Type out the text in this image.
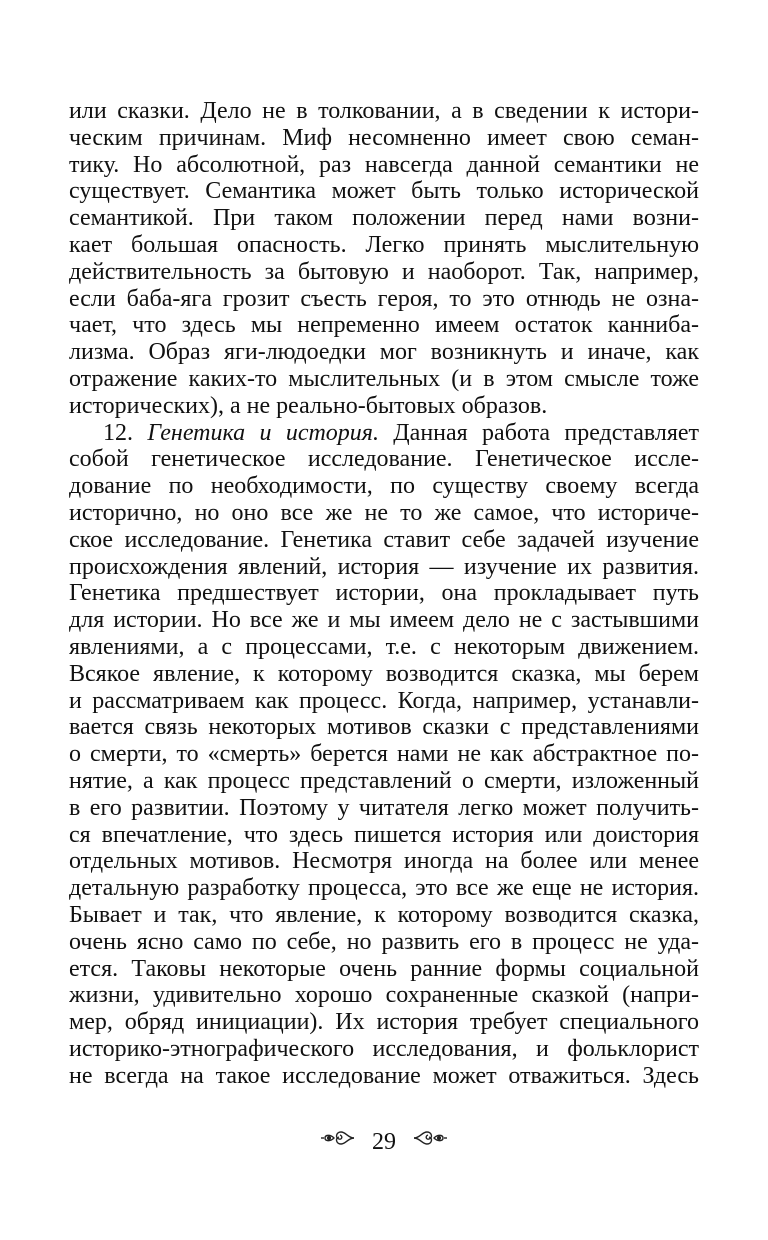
или сказки. Дело не в толковании, а в сведении к истори-
ческим причинам. Миф несомненно имеет свою семан-
тику. Но абсолютной, раз навсегда данной семантики не
существует. Семантика может быть только исторической
семантикой. При таком положении перед нами возни-
кает большая опасность. Легко принять мыслительную
действительность за бытовую и наоборот. Так, например,
если баба-яга грозит съесть героя, то это отнюдь не озна-
чает, что здесь мы непременно имеем остаток канниба-
лизма. Образ яги-людоедки мог возникнуть и иначе, как
отражение каких-то мыслительных (и в этом смысле тоже
исторических), а не реально-бытовых образов.
12. Генетика и история. Данная работа представляет
собой генетическое исследование. Генетическое иссле-
дование по необходимости, по существу своему всегда
исторично, но оно все же не то же самое, что историче-
ское исследование. Генетика ставит себе задачей изучение
происхождения явлений, история — изучение их развития.
Генетика предшествует истории, она прокладывает путь
для истории. Но все же и мы имеем дело не с застывшими
явлениями, а с процессами, т.е. с некоторым движением.
Всякое явление, к которому возводится сказка, мы берем
и рассматриваем как процесс. Когда, например, устанавли-
вается связь некоторых мотивов сказки с представлениями
о смерти, то «смерть» берется нами не как абстрактное по-
нятие, а как процесс представлений о смерти, изложенный
в его развитии. Поэтому у читателя легко может получить-
ся впечатление, что здесь пишется история или доистория
отдельных мотивов. Несмотря иногда на более или менее
детальную разработку процесса, это все же еще не история.
Бывает и так, что явление, к которому возводится сказка,
очень ясно само по себе, но развить его в процесс не уда-
ется. Таковы некоторые очень ранние формы социальной
жизни, удивительно хорошо сохраненные сказкой (напри-
мер, обряд инициации). Их история требует специального
историко-этнографического исследования, и фольклорист
не всегда на такое исследование может отважиться. Здесь
29
